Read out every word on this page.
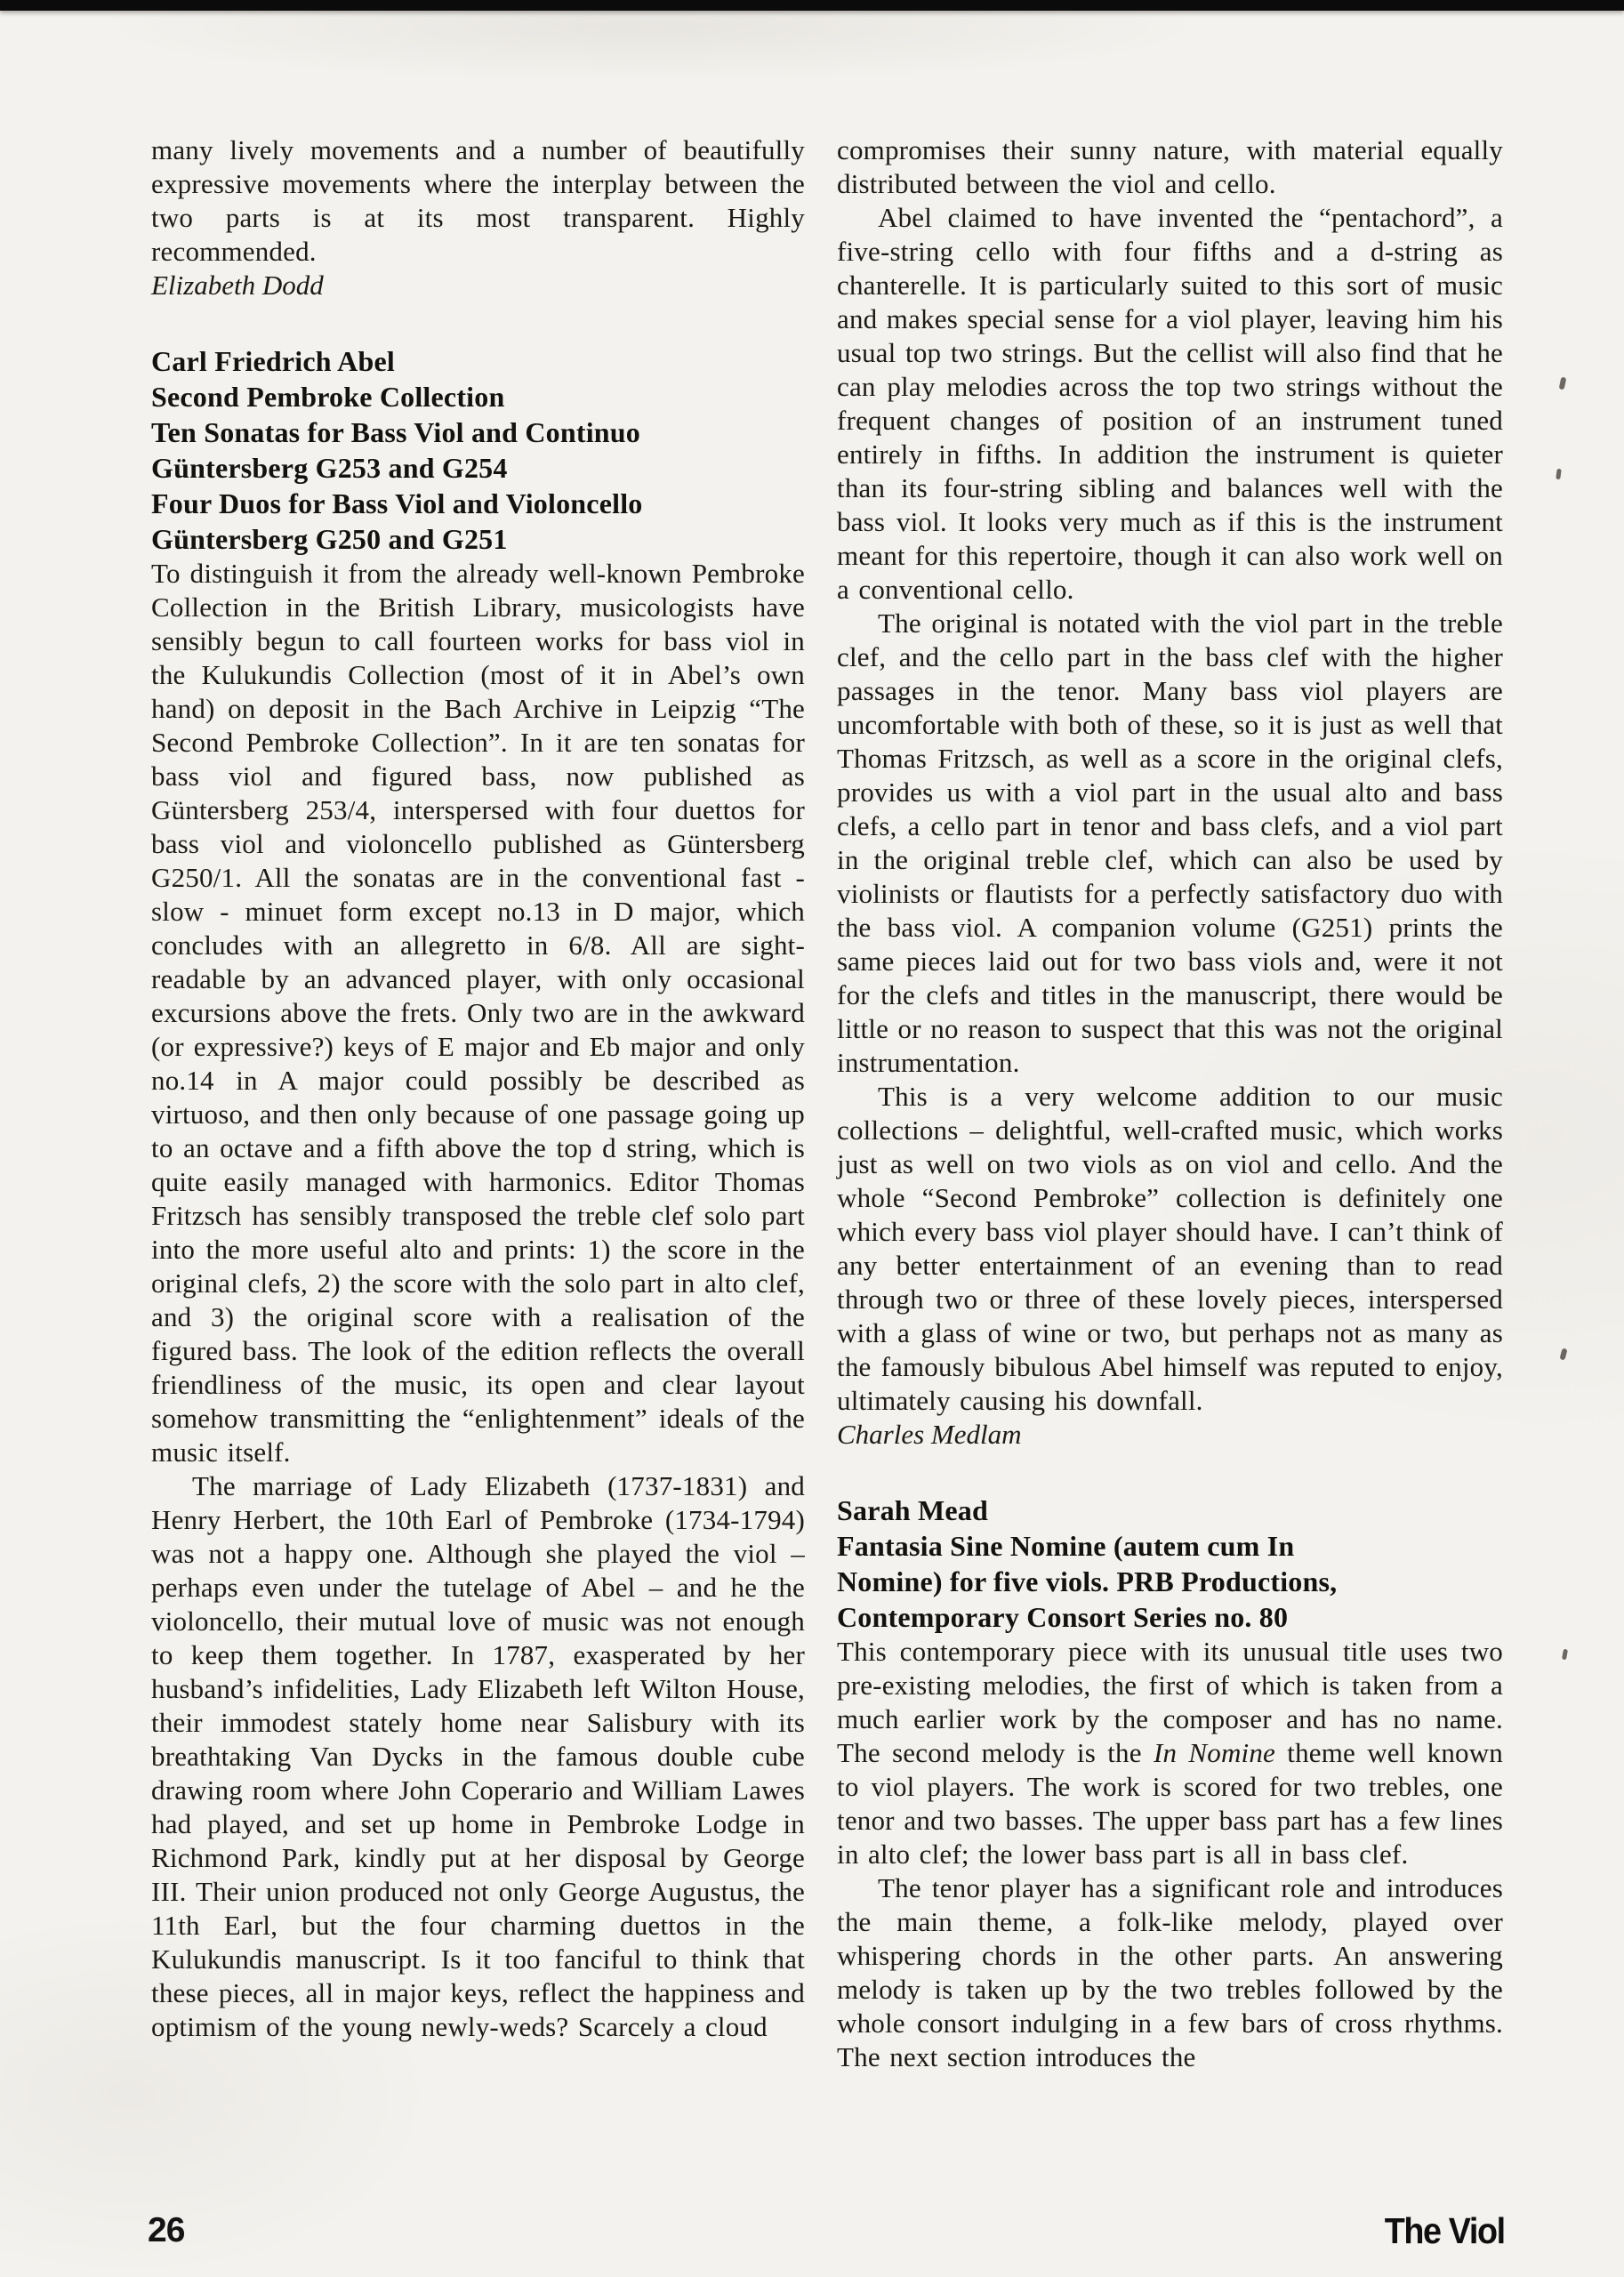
many lively movements and a number of beautifully expressive movements where the interplay between the two parts is at its most transparent. Highly recommended.

Elizabeth Dodd

Carl Friedrich Abel
Second Pembroke Collection
Ten Sonatas for Bass Viol and Continuo
Güntersberg G253 and G254
Four Duos for Bass Viol and Violoncello
Güntersberg G250 and G251

To distinguish it from the already well-known Pembroke Collection in the British Library, musicologists have sensibly begun to call fourteen works for bass viol in the Kulukundis Collection (most of it in Abel’s own hand) on deposit in the Bach Archive in Leipzig “The Second Pembroke Collection”. In it are ten sonatas for bass viol and figured bass, now published as Güntersberg 253/4, interspersed with four duettos for bass viol and violoncello published as Güntersberg G250/1. All the sonatas are in the conventional fast - slow - minuet form except no.13 in D major, which concludes with an allegretto in 6/8. All are sight-readable by an advanced player, with only occasional excursions above the frets. Only two are in the awkward (or expressive?) keys of E major and Eb major and only no.14 in A major could possibly be described as virtuoso, and then only because of one passage going up to an octave and a fifth above the top d string, which is quite easily managed with harmonics. Editor Thomas Fritzsch has sensibly transposed the treble clef solo part into the more useful alto and prints: 1) the score in the original clefs, 2) the score with the solo part in alto clef, and 3) the original score with a realisation of the figured bass. The look of the edition reflects the overall friendliness of the music, its open and clear layout somehow transmitting the “enlightenment” ideals of the music itself.

The marriage of Lady Elizabeth (1737-1831) and Henry Herbert, the 10th Earl of Pembroke (1734-1794) was not a happy one. Although she played the viol – perhaps even under the tutelage of Abel – and he the violoncello, their mutual love of music was not enough to keep them together. In 1787, exasperated by her husband’s infidelities, Lady Elizabeth left Wilton House, their immodest stately home near Salisbury with its breathtaking Van Dycks in the famous double cube drawing room where John Coperario and William Lawes had played, and set up home in Pembroke Lodge in Richmond Park, kindly put at her disposal by George III. Their union produced not only George Augustus, the 11th Earl, but the four charming duettos in the Kulukundis manuscript. Is it too fanciful to think that these pieces, all in major keys, reflect the happiness and optimism of the young newly-weds? Scarcely a cloud

compromises their sunny nature, with material equally distributed between the viol and cello.

Abel claimed to have invented the “pentachord”, a five-string cello with four fifths and a d-string as chanterelle. It is particularly suited to this sort of music and makes special sense for a viol player, leaving him his usual top two strings. But the cellist will also find that he can play melodies across the top two strings without the frequent changes of position of an instrument tuned entirely in fifths. In addition the instrument is quieter than its four-string sibling and balances well with the bass viol. It looks very much as if this is the instrument meant for this repertoire, though it can also work well on a conventional cello.

The original is notated with the viol part in the treble clef, and the cello part in the bass clef with the higher passages in the tenor. Many bass viol players are uncomfortable with both of these, so it is just as well that Thomas Fritzsch, as well as a score in the original clefs, provides us with a viol part in the usual alto and bass clefs, a cello part in tenor and bass clefs, and a viol part in the original treble clef, which can also be used by violinists or flautists for a perfectly satisfactory duo with the bass viol. A companion volume (G251) prints the same pieces laid out for two bass viols and, were it not for the clefs and titles in the manuscript, there would be little or no reason to suspect that this was not the original instrumentation.

This is a very welcome addition to our music collections – delightful, well-crafted music, which works just as well on two viols as on viol and cello. And the whole “Second Pembroke” collection is definitely one which every bass viol player should have. I can’t think of any better entertainment of an evening than to read through two or three of these lovely pieces, interspersed with a glass of wine or two, but perhaps not as many as the famously bibulous Abel himself was reputed to enjoy, ultimately causing his downfall.

Charles Medlam

Sarah Mead
Fantasia Sine Nomine (autem cum In
Nomine) for five viols. PRB Productions,
Contemporary Consort Series no. 80

This contemporary piece with its unusual title uses two pre-existing melodies, the first of which is taken from a much earlier work by the composer and has no name. The second melody is the In Nomine theme well known to viol players. The work is scored for two trebles, one tenor and two basses. The upper bass part has a few lines in alto clef; the lower bass part is all in bass clef.

The tenor player has a significant role and introduces the main theme, a folk-like melody, played over whispering chords in the other parts. An answering melody is taken up by the two trebles followed by the whole consort indulging in a few bars of cross rhythms. The next section introduces the

26	The Viol
